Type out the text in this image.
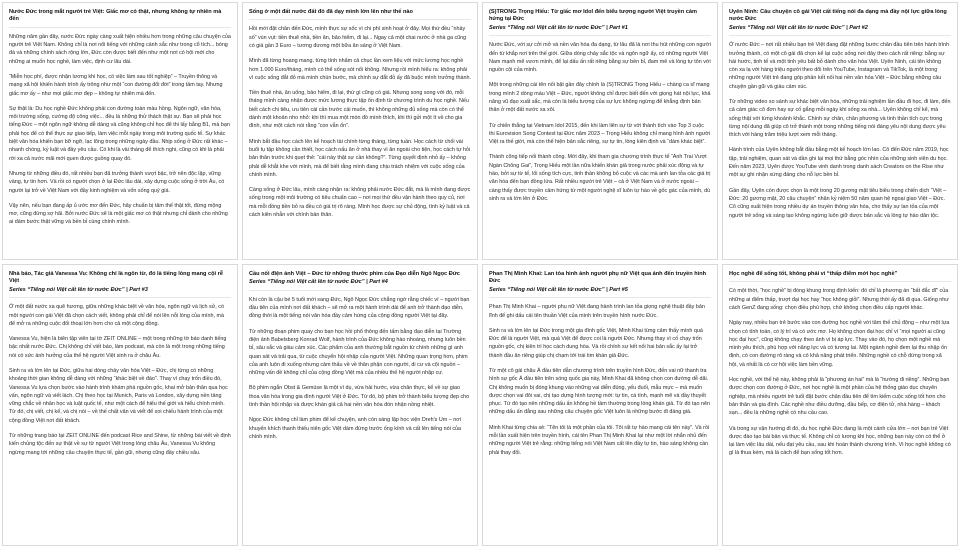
Nước Đức trong mắt người trẻ Việt: Giấc mơ có thật, nhưng không tự nhiên mà đến

Những năm gần đây, nước Đức ngày càng xuất hiện nhiều hơn trong những câu chuyện của người trẻ Việt Nam. Không chỉ là nơi nổi tiếng với những cánh sắc như trong cổ tích... bóng đá và những chính sách rộng lớn, Đức còn được biết đến như một nơi có hội mới cho những ai muốn học nghề, làm việc, định cư lâu dài.

“Miễn học phí, được nhận lương khi học, có việc làm sau tốt nghiệp” – Truyền thông và mạng xã hội khiến hành trình ấy trông như một “con đường đổi đời” trong tầm tay. Nhưng giấc mơ ấy – như mọi giấc mơ đẹp – không tự nhiên mà đến.

Sự thật là: Du học nghề Đức không phải con đường toàn màu hồng. Ngôn ngữ, văn hóa, môi trường sống, cường độ công việc... đều là những thử thách thật sự. Bạn sẽ phải học tiếng Đức – một ngôn ngữ không dễ dàng và cũng không chỉ học để thi lấy bằng B1, mà bạn phải học để có thể thực sự giao tiếp, làm việc mỗi ngày trong môi trường quốc tế. Sự khác biệt văn hóa khiến bạn bỡ ngỡ, lạc lõng trong những ngày đầu. Nhịp sống ở Đức rất khác – nhanh chóng, kỷ luật và đầy yêu cầu. Có khi là vài tháng để thích nghi, cũng có khi là phải rời xa cả nước mãi mới quen được guồng quay đó.

Nhưng từ những điều đó, rất nhiều bạn đã trưởng thành vượt bậc, trở nên độc lập, vững vàng, tự tin hơn. Và rồi có người chọn ở lại Đức lâu dài, xây dựng cuộc sống ở trời Âu, có người lại trở về Việt Nam với đầy kinh nghiệm và vốn sống quý giá.

Vậy nên, nếu bạn đang ấp ủ ước mơ đến Đức, hãy chuẩn bị tâm thế thật tốt, đừng mộng mơ, cũng đừng sợ hãi. Bởi nước Đức sẽ là một giấc mơ có thật nhưng chỉ dành cho những ai dám bước thật vững và bền bỉ cùng chính mình.

Sống ở một đất nước đất đỏ đã dạy mình lớn lên như thế nào

Hồi mới đặt chân đến Đức, mình thực sự sốc vì chi phí sinh hoạt ở đây. Mọi thứ đều “nhảy số” vùn vụt: tiền thuê nhà, tiền ăn, bảo hiểm, đi lại... Ngay cả một chai nước ở nhà ga cũng có giá gần 3 Euro – tương đương một bữa ăn sáng ở Việt Nam.

Mình đã từng hoang mang, từng tính nhẩm cả chục lần xem liệu với mức lương học nghề hơn 1.000 Euro/tháng, mình có thể sống sót nổi không. Nhưng rồi mình hiểu ra: không phải vì cuộc sống đắt đỏ mà mình chùn bước, mà chính sự đắt đỏ ấy đã buộc mình trưởng thành.

Tiền thuê nhà, ăn uống, bảo hiểm, đi lại, thứ gì cũng có giá. Nhưng song song với đó, mỗi tháng mình càng nhận được mức lương thực tập ổn định từ chương trình du học nghề. Nếu biết cách chi tiêu, ưu tiên cái cần trước cái muốn, thì không những đủ sống mà còn có thể dành một khoản nho nhỏ: khi thì mua một món đồ mình thích, khi thì gửi một ít về cho gia đình, như một cách nói rằng “con vẫn ổn”.

Mình bắt đầu học cách lên kế hoạch tài chính từng tháng, từng tuần. Học cách từ chối vài buổi tụ tập không cần thiết, học cách nấu ăn ở nhà thay vì ăn ngoài cho tiện, học cách tự hỏi bản thân trước khi quẹt thẻ: “cái này thật sự cần không?”. Từng quyết định nhỏ ấy – không phải dễ khắt khe với mình, mà để biết rằng mình đang chịu trách nhiệm với cuộc sống của chính mình.

Càng sống ở Đức lâu, mình càng nhận ra: không phải nước Đức đắt, mà là mình đang được sống trong một môi trường có tiêu chuẩn cao – nơi mọi thứ đều vận hành theo quy củ, nơi mà mỗi đồng tiền bỏ ra đều có giá trị rõ ràng. Mình học được sự chủ động, tính kỷ luật và cả cách kiên nhẫn với chính bản thân.

(S)TRONG Trọng Hiếu: Từ giấc mơ Idol đến biểu tượng người Việt truyền cảm hứng tại Đức
Series “Tiếng nói Việt cất lên từ nước Đức” | Part #1

Nước Đức, với sự cởi mở và nền văn hóa đa dạng, từ lâu đã là nơi thu hút những con người đến từ khắp nơi trên thế giới. Giữa dòng chảy sắc tộc và ngôn ngữ ấy, có những người Việt Nam mạnh mẽ vươn mình, để lại dấu ấn rất riêng bằng sự bền bỉ, đam mê và lòng tự tôn với nguồn cội của mình.

Một trong những cái tên nổi bật gần đây chính là (S)TRONG Trọng Hiếu – chàng ca sĩ mang trong mình 2 dòng máu Việt – Đức, người không chỉ được biết đến với giọng hát nội lực, khả năng vũ đạo xuất sắc, mà còn là biểu tượng của sự lực không ngừng để khẳng định bản thân ở một đất nước xa xôi.

Từ chiến thắng tại Vietnam Idol 2015, đến khi làm liên sự từ với thành tích vào Top 3 cuộc thi Eurovision Song Contest tại Đức năm 2023 – Trọng Hiếu không chỉ mang hình ảnh người Việt ra thế giới, mà còn thể hiện bản sắc riêng, sự tự tin, lòng kiên định và “dám khác biệt”.

Thành công tiếp nối thành công. Mới đây, khi tham gia chương trình thực tế “Anh Trai Vượt Ngàn Chông Gai”, Trọng Hiếu một lần nữa khiến khán giả trong nước phải xúc động và tự hào, bởi sự từ tế, lối sống tích cực, tinh thần không bỏ cuộc và các mà anh lan tỏa các giá trị văn hóa đến bạn đồng lứa. Rất nhiều người trẻ Việt – cả ở Việt Nam và ở nước ngoài – càng thấy được truyền cảm hứng từ một người nghệ sĩ luôn tự hào về gốc gác của mình, dù sinh ra và lớn lên ở Đức.

Uyên Ninh: Câu chuyện cô gái Việt cất tiếng nói đa dạng mà đầy nội lực giữa lòng nước Đức
Series “Tiếng nói Việt cất lên từ nước Đức” | Part #2

Ở nước Đức – nơi rất nhiều bạn trẻ Việt đang đặt những bước chân đầu tiên trên hành trình trưởng thành, có một cô gái đã chọn kể lại cuộc sống nơi đây theo cách rất riêng: bằng sự hài hước, tinh tế và một tinh yêu bất bỏ dành cho văn hóa Việt. Uyên Ninh, cái tên không còn xa lạ với hàng triệu người theo dõi trên YouTube, Instagram và TikTok, là một trong những người Việt trẻ đang góp phần kết nối hai nền văn hóa Việt – Đức bằng những câu chuyện gần gũi và giàu cảm xúc.

Từ những video so sánh sự khác biệt văn hóa, những trải nghiệm lần đầu đi học, đi làm, đến cả cảm giác cô đơn hay sự cố gắng mỗi ngày khi sống xa nhà... Uyên không chỉ kể, mà sống thật với từng khoảnh khắc. Chính sự chân, chân phương và tinh thần tích cực trong từng nội dung đã giúp cô trở thành một trong những tiếng nói đáng yêu nội dung được yêu thích với hàng trăm triệu lượt xem mỗi tháng.

Hành trình của Uyên không bắt đầu bằng một kế hoạch lớn lao. Cô đến Đức năm 2019, học tập, trải nghiệm, quan sát và dần ghi lại mọi thứ bằng góc nhìn của những sinh viên du học. Đến năm 2023, Uyên được YouTube vinh danh trong danh sách Creators on the Rise như một sự ghi nhận xứng đáng cho nỗ lực bền bỉ.

Gần đây, Uyên còn được chọn là một trong 20 gương mặt tiêu biểu trong chiến dịch “Việt – Đức: 20 gương mặt, 20 câu chuyện” nhân kỷ niệm 50 năm quan hệ ngoại giao Việt – Đức. Cô cũng xuất hiện trong nhiều dự án truyền thông văn hóa, cho thấy sự lan tỏa của một người trẻ sống và sáng tạo không ngừng luôn giữ được bản sắc và lòng tự hào dân tộc.

Nhà báo, Tác giả Vanessa Vu: Không chỉ là ngôn từ, đó là tiếng lòng mang cội rễ Việt
Series “Tiếng nói Việt cất lên từ nước Đức” | Part #3

Ở một đất nước xa quê hương, giữa những khác biệt về văn hóa, ngôn ngữ và lịch sử, có một người con gái Việt đã chọn cách viết, không phải chỉ để nói lên nỗi lòng của mình, mà để mở ra những cuộc đối thoại lớn hơn cho cả một cộng đồng.

Vanessa Vu, hiện là biên tập viên tại tờ ZEIT ONLINE – một trong những tờ báo danh tiếng bậc nhất nước Đức. Chị không chỉ viết báo, làm podcast, mà còn là một trong những tiếng nói có sức ảnh hưởng của thế hệ người Việt sinh ra ở châu Âu.

Sinh ra và lớn lên tại Đức, giữa hai dòng chảy văn hóa Việt – Đức, chị từng có những khoảng thời gian không dễ dàng với những “khác biệt về đáo”. Thay vì chạy trốn điều đó, Vanessa Vu lựa chọn bước vào hành trình khám phá nguồn gốc, khai mở bản thân qua học vấn, ngôn ngữ và viết lách. Chị theo học tại Munich, Paris và London, xây dựng nền tảng vững chắc về nhân học và luật quốc tế, như một cách để hiểu thế giới và hiểu chính mình. Từ đó, chị viết, chị kể, và chị nói – về thế chất văn và viết để xoi chiếu hành trình của một cộng đồng Việt nơi đất khách.

Từ những trang báo tại ZEIT ONLINE đến podcast Rice and Shine, từ những bài viết về định kiến chủng tộc đến sự thật về sự từ người Việt trong lòng châu Âu, Vanessa Vu không ngừng mang tới những câu chuyện thực tế, gần gũi, nhưng cũng đầy chiều sâu.

Cầu nối điện ảnh Việt – Đức từ những thước phim của Đạo diễn Ngô Ngọc Đức
Series “Tiếng nói Việt cất lên từ nước Đức” | Part #4

Khi còn là cậu bé 5 tuổi mới sang Đức, Ngô Ngọc Đức chẳng ngờ rằng chiếc ví – người bạn đầu tiên của mình nơi đất khách – sẽ mở ra một hành trình dài để anh trở thành đạo diễn, đồng thời là một tiếng nói văn hóa đầy cảm hứng của cộng đồng người Việt tại đây.

Từ những đoạn phim quay cho bạn học hồi phổ thông đến tấm bằng đạo diễn tại Trường điện ảnh Babelsberg Konrad Wolf, hành trình của Đức không hào nhoáng, nhưng luôn bền bỉ, sâu sắc và giàu cảm xúc. Các phẩm của anh thường bắt nguồn từ chính những gì anh quan sát và trải qua, từ cuộc chuyển hội nhập của người Việt. Những quan trọng hơn, phim của anh luôn đi xuống nhưng cảm thấu về về thân phận con người, di cư và cội nguồn – những vấn đề không chỉ của cộng đồng Việt mà của nhiều thế hệ người nhập cư.

Bộ phim ngắn Obst & Gemüse là một ví dụ, vừa hài hước, vừa chân thực, kể về sự giao thoa văn hóa trong gia đình người Việt ở Đức. Từ đó, bộ phim trở thành biểu tượng đẹp cho tình thần hội nhập và được khán giả cả hai nền văn hóa đón nhận nồng nhiệt.

Ngọc Đức không chỉ làm phim để kể chuyện, anh còn sáng lập học viện Dreh's Um – nơi khuyến khích thanh thiếu niên gốc Việt dám đứng trước ống kính và cất lên tiếng nói của chính mình.

Phan Thị Minh Khai: Lan tỏa hình ảnh người phụ nữ Việt qua ảnh đến truyền hình Đức
Series “Tiếng nói Việt cất lên từ nước Đức” | Part #5

Phan Thị Minh Khai – người phụ nữ Việt đang hành trình lan tỏa giọng nghệ thuật đầy bản lĩnh để ghi dấu cái tên thuần Việt của mình trên truyền hình nước Đức.

Sinh ra và lớn lên tại Đức trong một gia đình gốc Việt, Minh Khai từng cảm thấy mình quá Đức để là người Việt, mà quá Việt để được coi là người Đức. Nhưng thay vì cố chạy trốn nguồn gốc, chị kiên trì học cách dung hòa. Và rồi chính sự kết nối hai bản sắc ấy lại trở thành đầu ăn riêng giúp chị chạm tới trái tim khán giả Đức.

Từ một cô gái châu Á đầu tiên dẫn chương trình trên truyền hình Đức, đến vai nữ thanh tra hình sự gốc Á đầu tiên trên sóng quốc gia này, Minh Khai đã không chọn con đường dễ dãi. Chị không muốn bị đóng khung vào những vai diễn đúng, yếu đuối, mẫu mực – mà muốn được chọn vai đôi vai, chị tạo dựng hình tượng mới: tự tin, cá tính, mạnh mẽ và đầy thuyết phục. Từ đó tạo nên những dấu ấn không hề tầm thường trong lòng khán giả. Từ đó tạo nên những dấu ấn đằng sau những câu chuyện gốc Việt luôn là những bước đi đáng giá.

Minh Khai từng chia sẻ: “Tên tôi là một phần của tôi. Tôi rất tự hào mang cái tên này”. Và rồi mỗi lần xuất hiện trên truyền hình, cái tên Phan Thị Minh Khai lại như một lời nhắn nhủ đến những người Việt trẻ rằng: những tiếng nói Việt Nam cất lên đầy tự tin, hào sáng không cần phải thay đổi.

Học nghề để sống tốt, không phải vì “thấp điểm mới học nghề”

Có một thời, “học nghề” bị đóng khung trong định kiến: đó chỉ là phương án “bất đắc dĩ” của những ai điểm thấp, trượt đại học hay “học không giỏi”. Nhưng thời ấy đã đi qua. Giống như cách GenZ đang sống: chọn điều phù hợp, chứ không chọn điều cấp người khác.

Ngày nay, nhiều bạn trẻ bước vào con đường học nghề với tâm thế chủ động – như một lựa chọn có tính toán, có lý trí và có ước mơ. Họ không chọn đại học chỉ vì “mọi người ai cũng học đại học”, cũng không chạy theo ảnh vì bị áp lực. Thay vào đó, họ chọn một nghề mà mình yêu thích, phù hợp với năng lực và có tương lai. Một ngành nghề đem lại thu nhập ổn định, có con đường rõ ràng và có khả năng phát triển. Những nghề có chỗ đứng trong xã hội, và nhất là có cơ hội việc làm bền vững.

Học nghề, với thế hệ này, không phải là “phương án hai” mà là “hướng đi riêng”. Những bạn được chọn con đường ở Đức, nơi học nghề là một phần của hệ thống giáo dục chuyên nghiệp, mà nhiều người trẻ tuổi đặt bước chân đầu tiên để tìm kiếm cuộc sống tốt hơn cho bản thân và gia đình. Các nghề như điều dưỡng, đầu bếp, cơ điện tử, nhà hàng – khách sạn... đều là những nghề có nhu cầu cao.

Và trong sự vận hướng đi đó, du học nghề Đức đang là một cánh cửa lớn – nơi bạn trẻ Việt được đào tạo bài bản và thực tế. Không chỉ có lương khi học, những bạn này còn có thể ở lại làm việc lâu dài, nếu đạt yêu cầu, sau khi hoàn thành chương trình. Vì học nghề không có gì là thua kém, mà là cách để bạn sống tốt hơn.
